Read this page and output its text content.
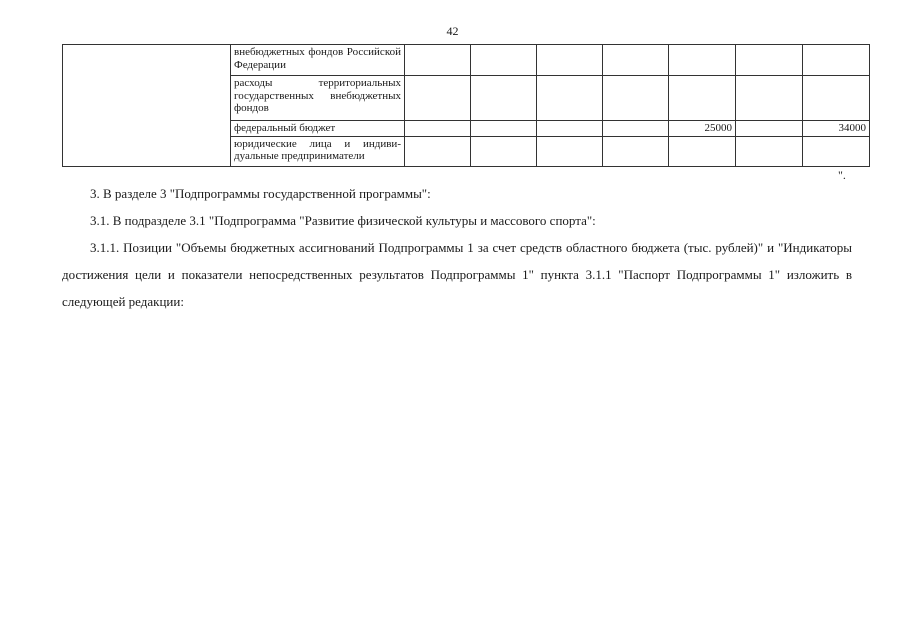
42
	внебюджетных фондов Российской Федерации							
	расходы территориальных государственных внебюджетных фондов							
	федеральный бюджет					25000		34000
	юридические лица и индивидуальные предприниматели							
".

3. В разделе 3 "Подпрограммы государственной программы":

3.1. В подразделе 3.1 "Подпрограмма "Развитие физической культуры и массового спорта":

3.1.1. Позиции "Объемы бюджетных ассигнований Подпрограммы 1 за счет средств областного бюджета (тыс. рублей)" и "Индикаторы достижения цели и показатели непосредственных результатов Подпрограммы 1" пункта 3.1.1 "Паспорт Подпрограммы 1" изложить в следующей редакции:
